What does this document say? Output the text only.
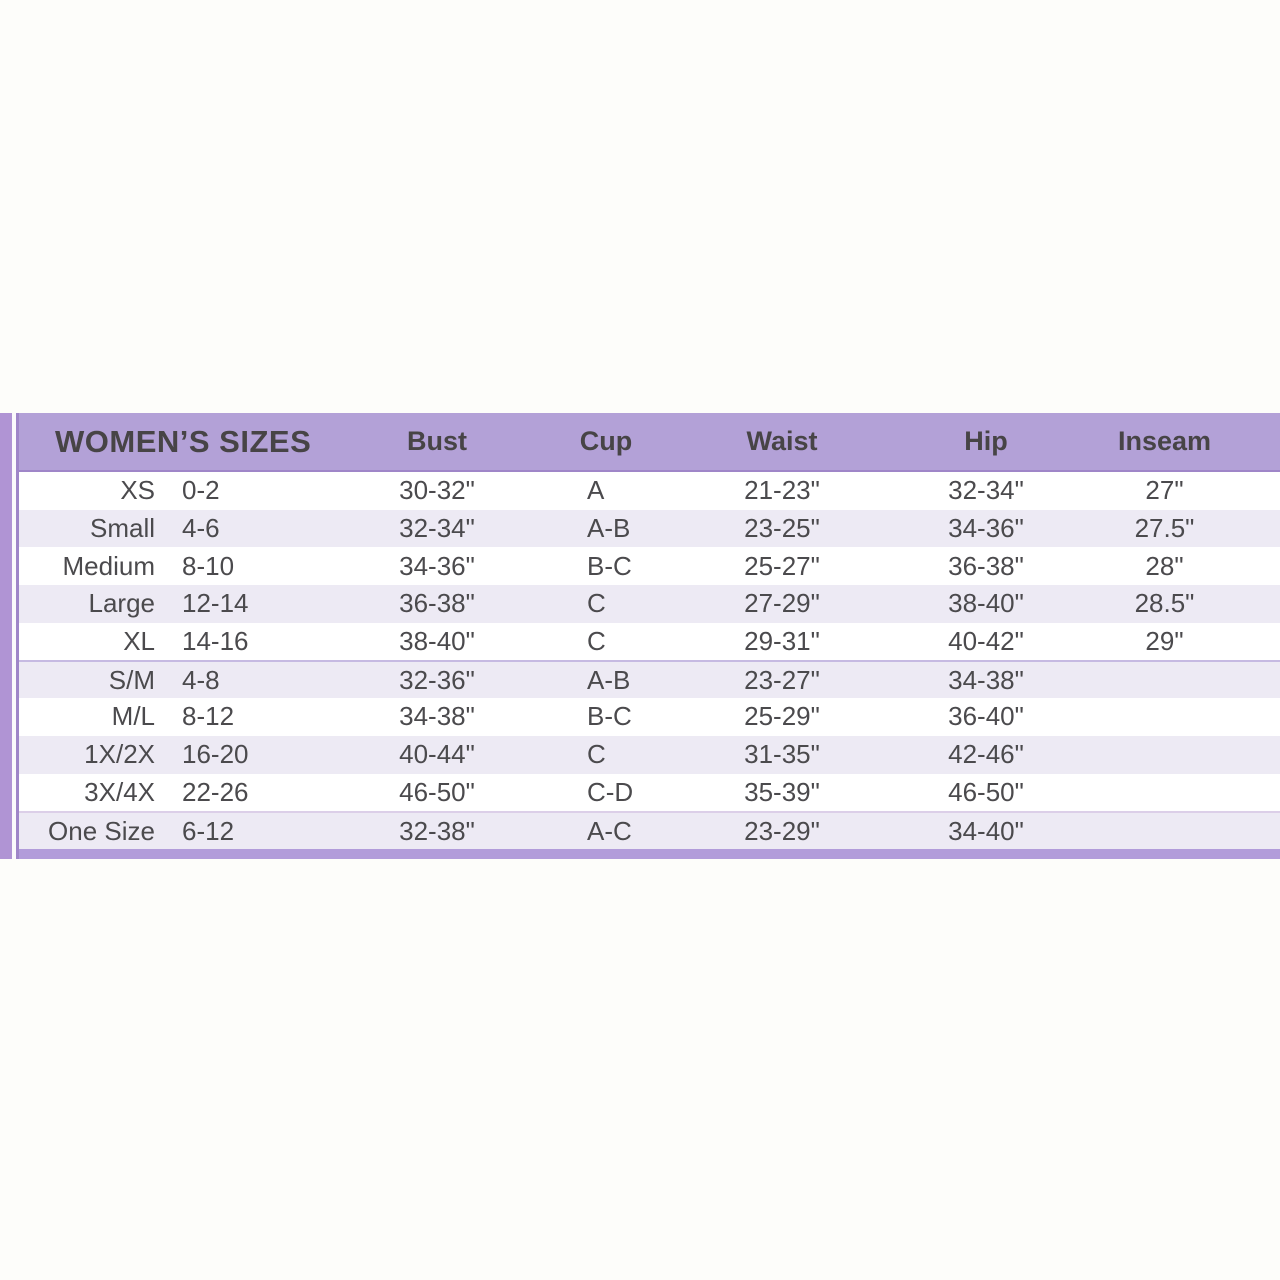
WOMEN’S SIZES	Bust	Cup	Waist	Hip	Inseam
XS 0-2	30-32"	A	21-23"	32-34"	27"
Small 4-6	32-34"	A-B	23-25"	34-36"	27.5"
Medium 8-10	34-36"	B-C	25-27"	36-38"	28"
Large 12-14	36-38"	C	27-29"	38-40"	28.5"
XL 14-16	38-40"	C	29-31"	40-42"	29"
S/M 4-8	32-36"	A-B	23-27"	34-38"
M/L 8-12	34-38"	B-C	25-29"	36-40"
1X/2X 16-20	40-44"	C	31-35"	42-46"
3X/4X 22-26	46-50"	C-D	35-39"	46-50"
One Size 6-12	32-38"	A-C	23-29"	34-40"
